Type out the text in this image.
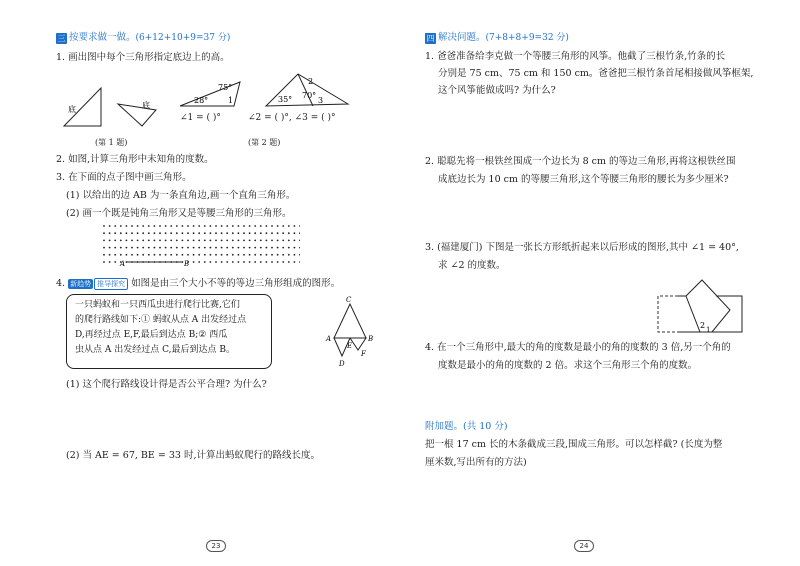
三 按要求做一做。(6+12+10+9=37 分)
1. 画出图中每个三角形指定底边上的高。
底	底
(第 1 题)
75°
28° 1
2
3
35° 70°
∠1 = ( )°	∠2 = ( )°, ∠3 = ( )°
(第 2 题)
2. 如图,计算三角形中未知角的度数。
3. 在下面的点子图中画三角形。
(1) 以给出的边 AB 为一条直角边,画一个直角三角形。
(2) 画一个既是钝角三角形又是等腰三角形的三角形。
A	B
4. 新趋势 推导探究 如图是由三个大小不等的等边三角形组成的图形。
一只蚂蚁和一只西瓜虫进行爬行比赛,它们
的爬行路线如下:① 蚂蚁从点 A 出发经过点
D,再经过点 E,F,最后到达点 B;② 西瓜
虫从点 A 出发经过点 C,最后到达点 B。
C
A
E
B
F
D
(1) 这个爬行路线设计得是否公平合理? 为什么?
(2) 当 AE = 67, BE = 33 时,计算出蚂蚁爬行的路线长度。
23
四 解决问题。(7+8+8+9=32 分)
1. 爸爸准备给李克做一个等腰三角形的风筝。他截了三根竹条,竹条的长
分别是 75 cm、75 cm 和 150 cm。爸爸把三根竹条首尾相接做风筝框架,
这个风筝能做成吗? 为什么?
2. 聪聪先将一根铁丝围成一个边长为 8 cm 的等边三角形,再将这根铁丝围
成底边长为 10 cm 的等腰三角形,这个等腰三角形的腰长为多少厘米?
3. (福建厦门) 下图是一张长方形纸折起来以后形成的图形,其中 ∠1 = 40°,
求 ∠2 的度数。
2 1
4. 在一个三角形中,最大的角的度数是最小的角的度数的 3 倍,另一个角的
度数是最小的角的度数的 2 倍。求这个三角形三个角的度数。
附加题。(共 10 分)
把一根 17 cm 长的木条截成三段,围成三角形。可以怎样截? (长度为整
厘米数,写出所有的方法)
24
